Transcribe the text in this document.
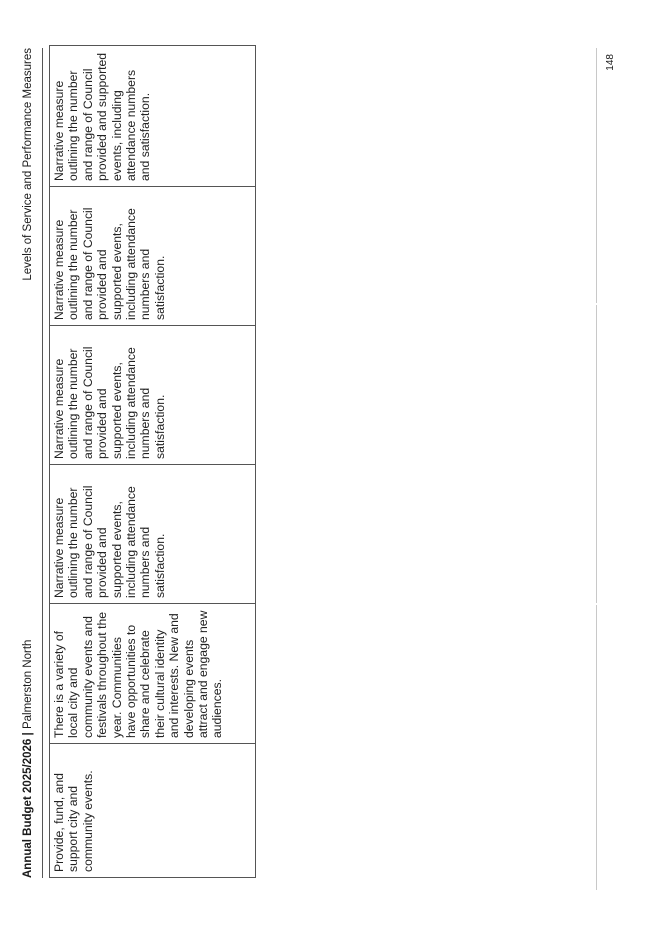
Annual Budget 2025/2026 | Palmerston North
Levels of Service and Performance Measures
Provide, fund, and support city and community events.	There is a variety of local city and community events and festivals throughout the year. Communities have opportunities to share and celebrate their cultural identity and interests. New and developing events attract and engage new audiences.	Narrative measure outlining the number and range of Council provided and supported events, including attendance numbers and satisfaction.	Narrative measure outlining the number and range of Council provided and supported events, including attendance numbers and satisfaction.	Narrative measure outlining the number and range of Council provided and supported events, including attendance numbers and satisfaction.	Narrative measure outlining the number and range of Council provided and supported events, including attendance numbers and satisfaction.
148
